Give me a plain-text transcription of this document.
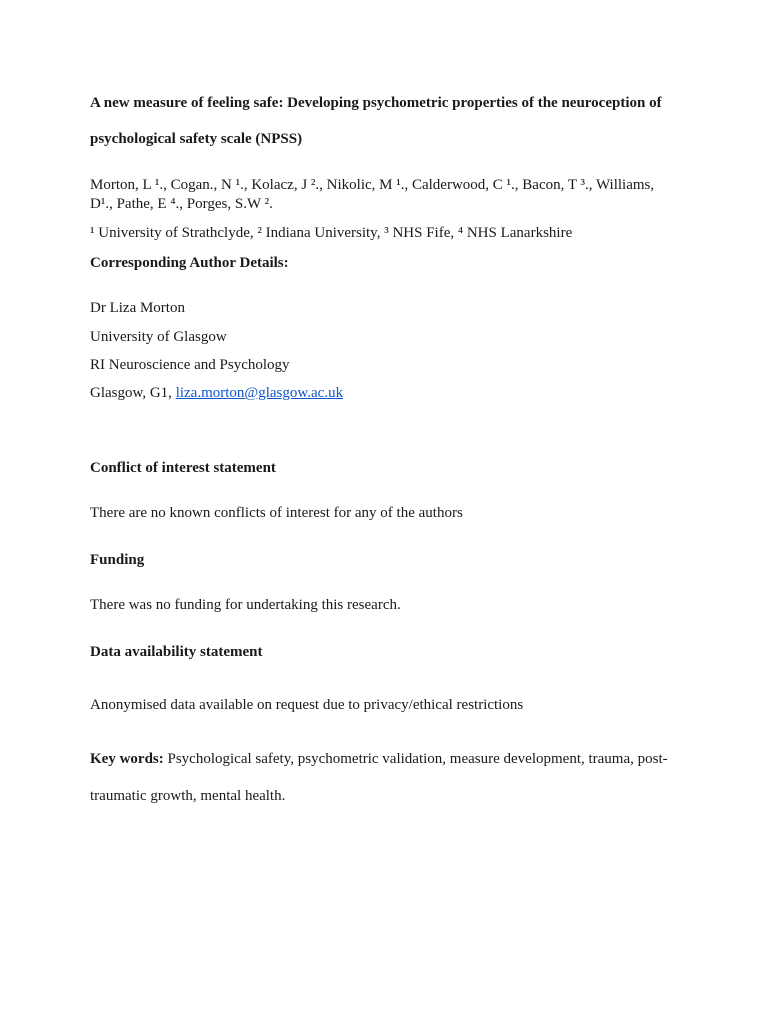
A new measure of feeling safe: Developing psychometric properties of the neuroception of
psychological safety scale (NPSS)
Morton, L ¹., Cogan., N ¹., Kolacz, J ²., Nikolic, M ¹., Calderwood, C ¹., Bacon, T ³., Williams,
D¹., Pathe, E ⁴., Porges, S.W ².
¹ University of Strathclyde, ² Indiana University, ³ NHS Fife, ⁴ NHS Lanarkshire
Corresponding Author Details:
Dr Liza Morton
University of Glasgow
RI Neuroscience and Psychology
Glasgow, G1, liza.morton@glasgow.ac.uk
Conflict of interest statement
There are no known conflicts of interest for any of the authors
Funding
There was no funding for undertaking this research.
Data availability statement
Anonymised data available on request due to privacy/ethical restrictions
Key words: Psychological safety, psychometric validation, measure development, trauma, post-
traumatic growth, mental health.
